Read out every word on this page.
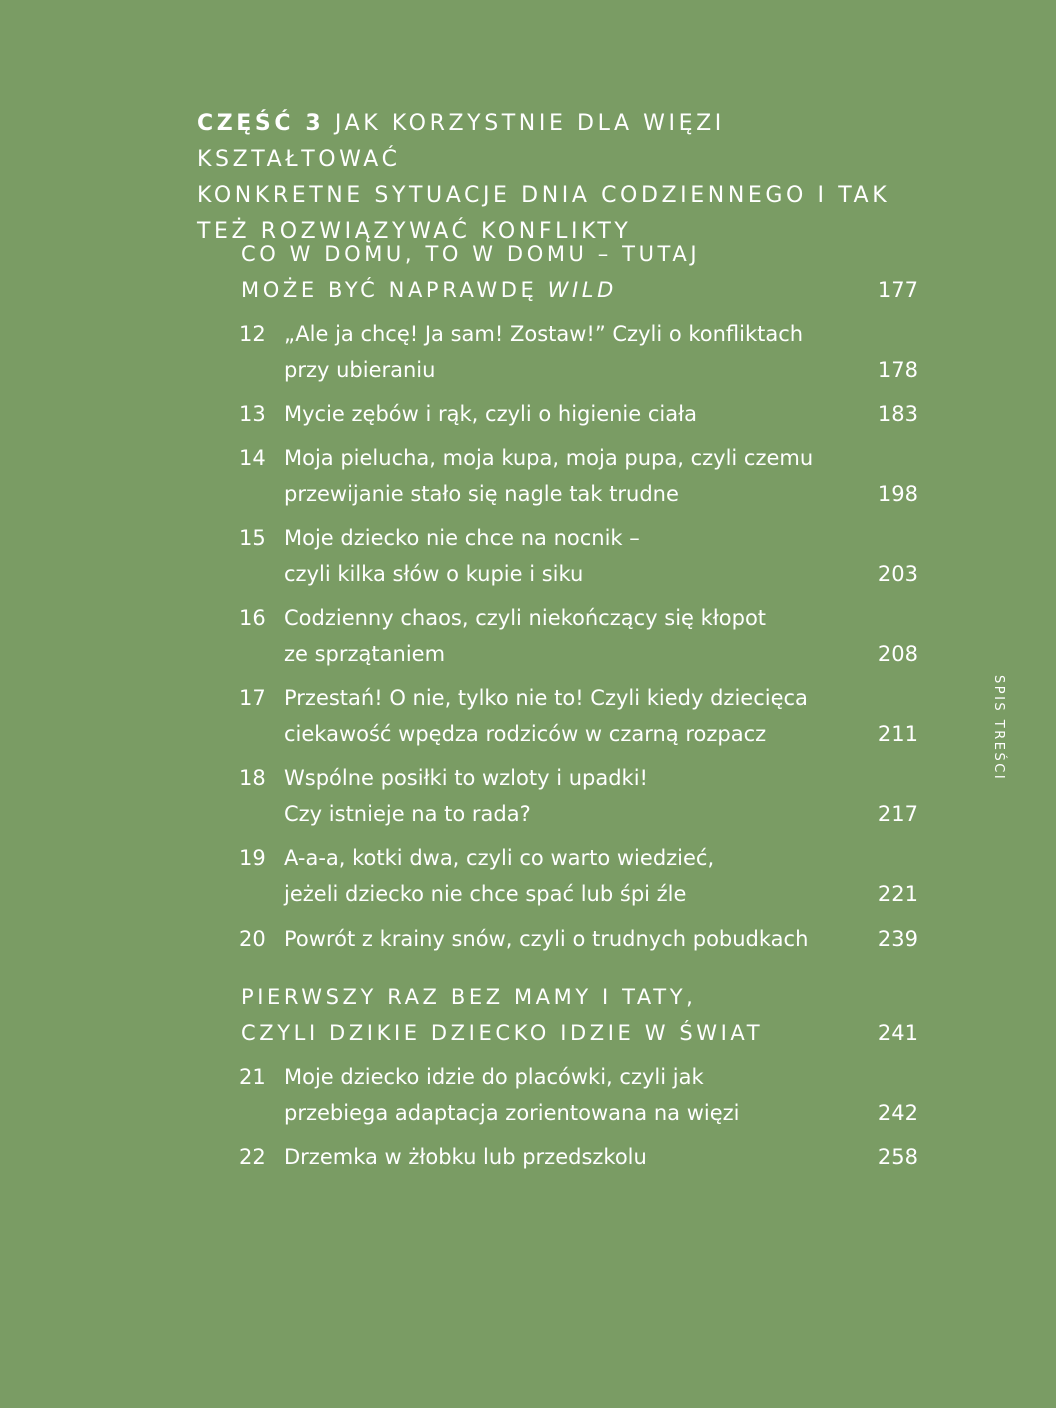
CZĘŚĆ 3 JAK KORZYSTNIE DLA WIĘZI KSZTAŁTOWAĆ
KONKRETNE SYTUACJE DNIA CODZIENNEGO I TAK
TEŻ ROZWIĄZYWAĆ KONFLIKTY
CO W DOMU, TO W DOMU – TUTAJ
MOŻE BYĆ NAPRAWDĘ WILD	177
12 „Ale ja chcę! Ja sam! Zostaw!” Czyli o konfliktach
przy ubieraniu	178
13 Mycie zębów i rąk, czyli o higienie ciała	183
14 Moja pielucha, moja kupa, moja pupa, czyli czemu
przewijanie stało się nagle tak trudne	198
15 Moje dziecko nie chce na nocnik –
czyli kilka słów o kupie i siku	203
16 Codzienny chaos, czyli niekończący się kłopot
ze sprzątaniem	208
17 Przestań! O nie, tylko nie to! Czyli kiedy dziecięca
ciekawość wpędza rodziców w czarną rozpacz	211
18 Wspólne posiłki to wzloty i upadki!
Czy istnieje na to rada?	217
19 A-a-a, kotki dwa, czyli co warto wiedzieć,
jeżeli dziecko nie chce spać lub śpi źle	221
20 Powrót z krainy snów, czyli o trudnych pobudkach	239
PIERWSZY RAZ BEZ MAMY I TATY,
CZYLI DZIKIE DZIECKO IDZIE W ŚWIAT	241
21 Moje dziecko idzie do placówki, czyli jak
przebiega adaptacja zorientowana na więzi	242
22 Drzemka w żłobku lub przedszkolu	258
SPIS TREŚCI
